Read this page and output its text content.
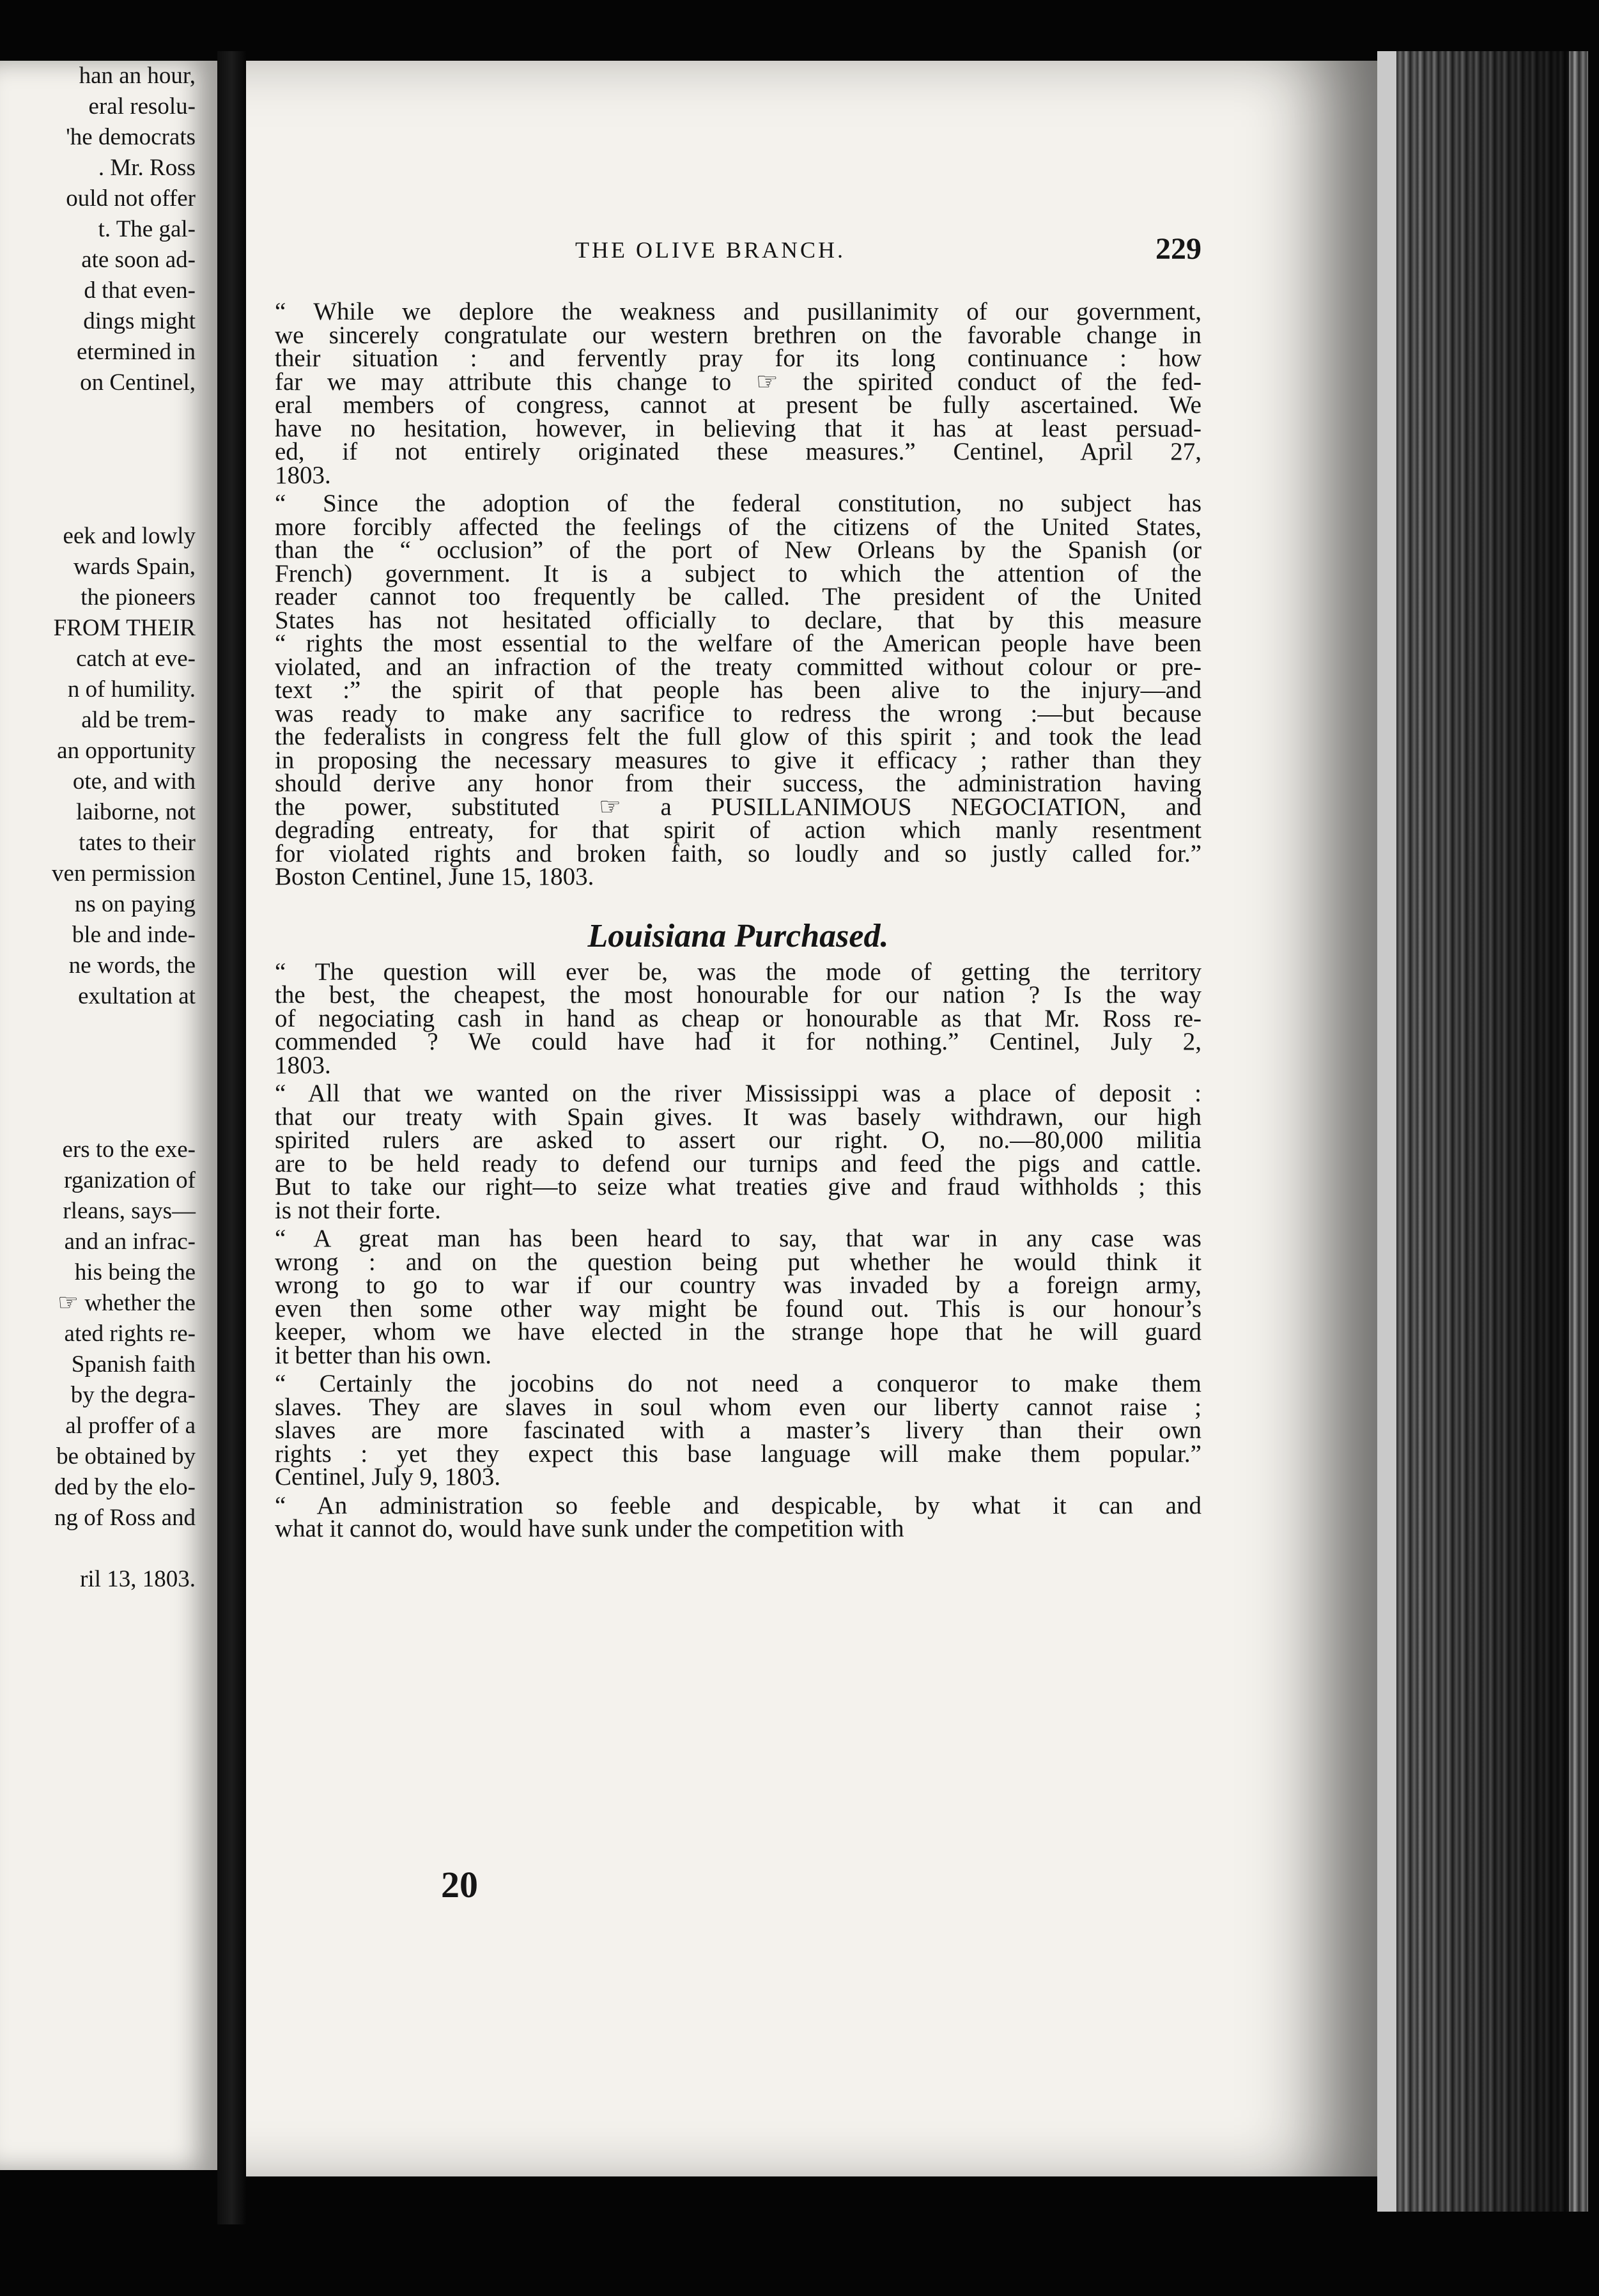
han an hour,
eral resolu-
'he democrats
. Mr. Ross
ould not offer
t. The gal-
ate soon ad-
d that even-
dings might
etermined in
on Centinel,
eek and lowly
wards Spain,
the pioneers
FROM THEIR
catch at eve-
n of humility.
ald be trem-
an opportunity
ote, and with
laiborne, not
tates to their
ven permission
ns on paying
ble and inde-
ne words, the
exultation at
ers to the exe-
rganization of
rleans, says—
and an infrac-
his being the
☞ whether the
ated rights re-
Spanish faith
by the degra-
al proffer of a
be obtained by
ded by the elo-
ng of Ross and
ril 13, 1803.
THE OLIVE BRANCH.	229
“ While we deplore the weakness and pusillanimity of our government,
we sincerely congratulate our western brethren on the favorable change in
their situation : and fervently pray for its long continuance : how
far we may attribute this change to ☞ the spirited conduct of the fed-
eral members of congress, cannot at present be fully ascertained. We
have no hesitation, however, in believing that it has at least persuad-
ed, if not entirely originated these measures.” Centinel, April 27,
1803.
“ Since the adoption of the federal constitution, no subject has
more forcibly affected the feelings of the citizens of the United States,
than the “ occlusion” of the port of New Orleans by the Spanish (or
French) government. It is a subject to which the attention of the
reader cannot too frequently be called. The president of the United
States has not hesitated officially to declare, that by this measure
“ rights the most essential to the welfare of the American people have been
violated, and an infraction of the treaty committed without colour or pre-
text :” the spirit of that people has been alive to the injury—and
was ready to make any sacrifice to redress the wrong :—but because
the federalists in congress felt the full glow of this spirit ; and took the lead
in proposing the necessary measures to give it efficacy ; rather than they
should derive any honor from their success, the administration having
the power, substituted ☞ a PUSILLANIMOUS NEGOCIATION, and
degrading entreaty, for that spirit of action which manly resentment
for violated rights and broken faith, so loudly and so justly called for.”
Boston Centinel, June 15, 1803.
Louisiana Purchased.
“ The question will ever be, was the mode of getting the territory
the best, the cheapest, the most honourable for our nation ? Is the way
of negociating cash in hand as cheap or honourable as that Mr. Ross re-
commended ? We could have had it for nothing.” Centinel, July 2,
1803.
“ All that we wanted on the river Mississippi was a place of deposit :
that our treaty with Spain gives. It was basely withdrawn, our high
spirited rulers are asked to assert our right. O, no.—80,000 militia
are to be held ready to defend our turnips and feed the pigs and cattle.
But to take our right—to seize what treaties give and fraud withholds ; this
is not their forte.
“ A great man has been heard to say, that war in any case was
wrong : and on the question being put whether he would think it
wrong to go to war if our country was invaded by a foreign army,
even then some other way might be found out. This is our honour’s
keeper, whom we have elected in the strange hope that he will guard
it better than his own.
“ Certainly the jocobins do not need a conqueror to make them
slaves. They are slaves in soul whom even our liberty cannot raise ;
slaves are more fascinated with a master’s livery than their own
rights : yet they expect this base language will make them popular.”
Centinel, July 9, 1803.
“ An administration so feeble and despicable, by what it can and
what it cannot do, would have sunk under the competition with
20
